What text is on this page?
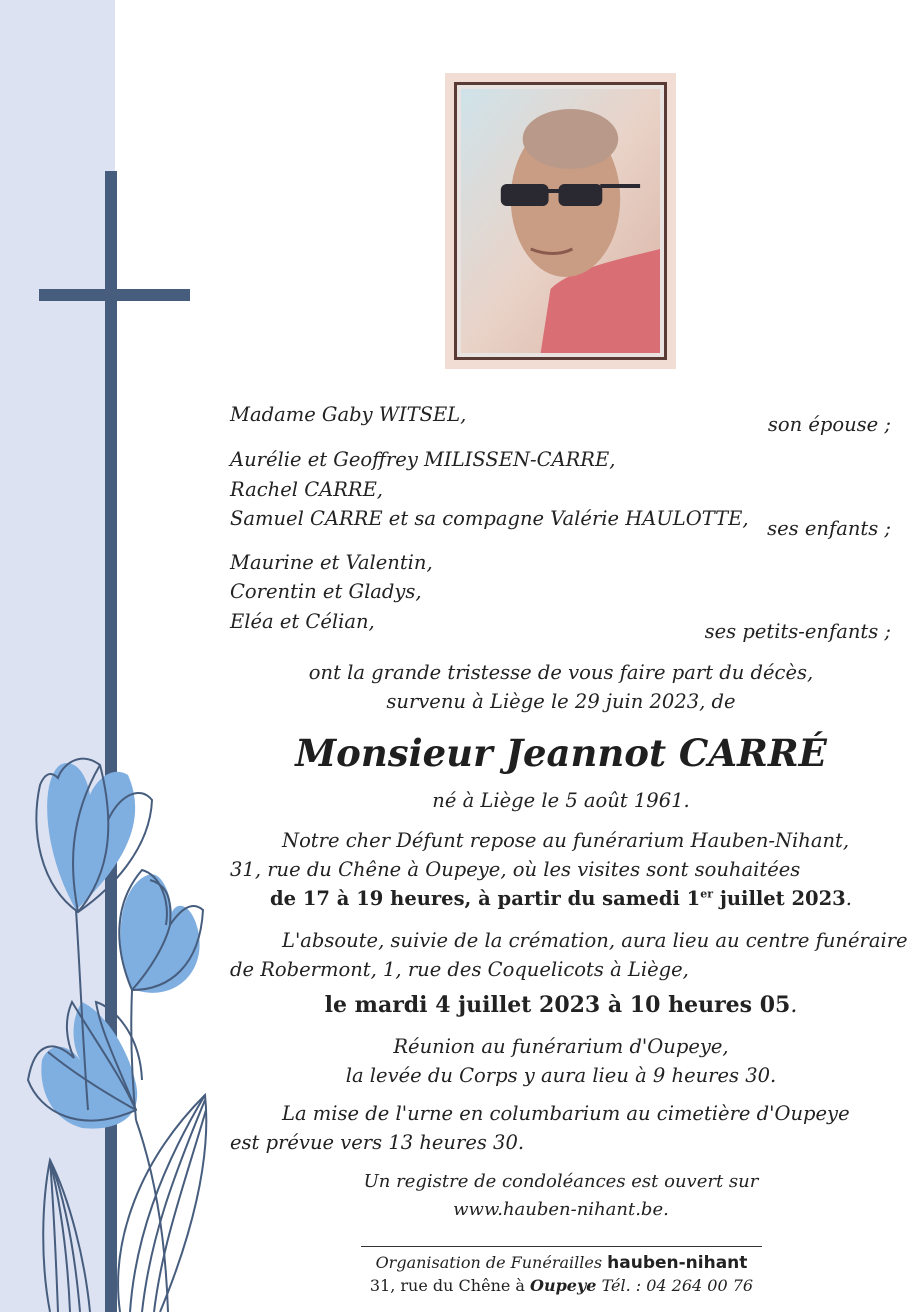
Madame Gaby WITSEL,	son épouse ;
Aurélie et Geoffrey MILISSEN-CARRE,
Rachel CARRE,
Samuel CARRE et sa compagne Valérie HAULOTTE, ses enfants ;
Maurine et Valentin,
Corentin et Gladys,
Eléa et Célian,	ses petits-enfants ;
ont la grande tristesse de vous faire part du décès,
survenu à Liège le 29 juin 2023, de
Monsieur Jeannot CARRÉ
né à Liège le 5 août 1961.
Notre cher Défunt repose au funérarium Hauben-Nihant,
31, rue du Chêne à Oupeye, où les visites sont souhaitées
de 17 à 19 heures, à partir du samedi 1er juillet 2023.
L'absoute, suivie de la crémation, aura lieu au centre funéraire
de Robermont, 1, rue des Coquelicots à Liège,
le mardi 4 juillet 2023 à 10 heures 05.
Réunion au funérarium d'Oupeye,
la levée du Corps y aura lieu à 9 heures 30.
La mise de l'urne en columbarium au cimetière d'Oupeye
est prévue vers 13 heures 30.
Un registre de condoléances est ouvert sur
www.hauben-nihant.be.
Organisation de Funérailles hauben-nihant
31, rue du Chêne à Oupeye Tél. : 04 264 00 76
